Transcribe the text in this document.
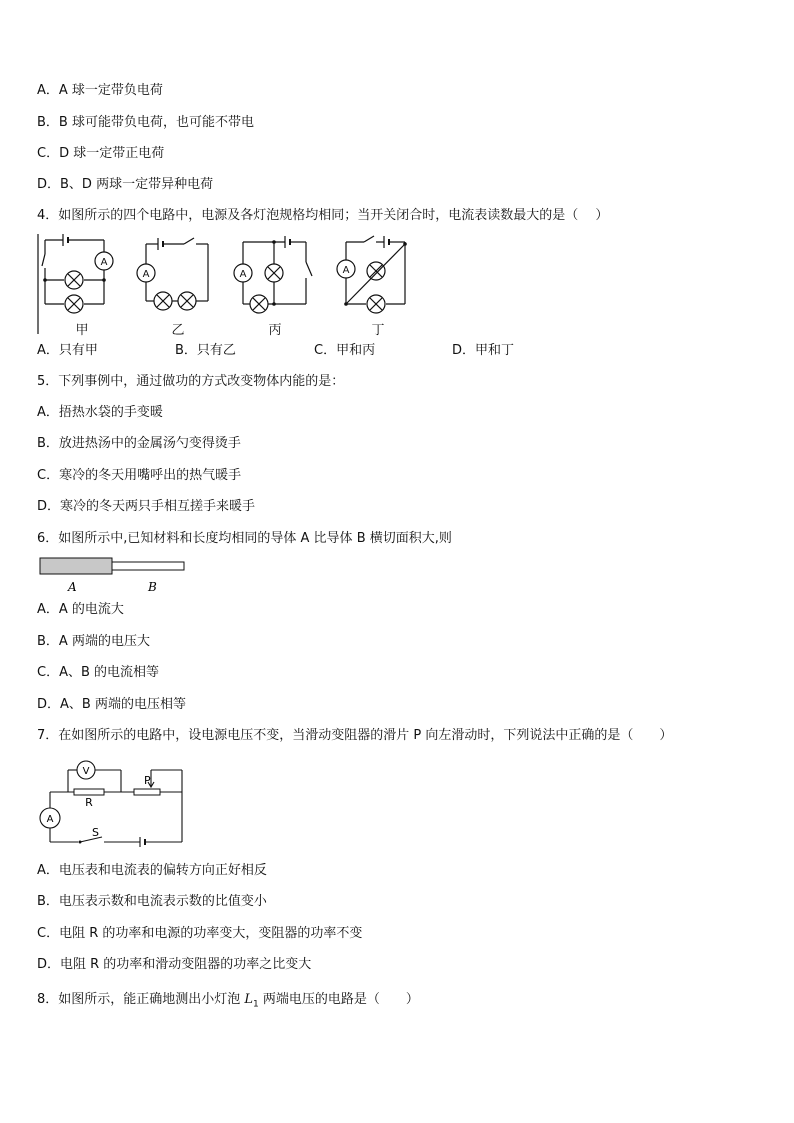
A．A 球一定带负电荷
B．B 球可能带负电荷，也可能不带电
C．D 球一定带正电荷
D．B、D 两球一定带异种电荷
4．如图所示的四个电路中，电源及各灯泡规格均相同；当开关闭合时，电流表读数最大的是（　 ）
A
A	A	A
甲	乙	丙	丁
A．只有甲	B．只有乙	C．甲和丙	D．甲和丁
5．下列事例中，通过做功的方式改变物体内能的是：
A．捂热水袋的手变暖
B．放进热汤中的金属汤勺变得烫手
C．寒冷的冬天用嘴呼出的热气暖手
D．寒冷的冬天两只手相互搓手来暖手
6．如图所示中,已知材料和长度均相同的导体 A 比导体 B 横切面积大,则
A	B
A．A 的电流大
B．A 两端的电压大
C．A、B 的电流相等
D．A、B 两端的电压相等
7．在如图所示的电路中，设电源电压不变，当滑动变阻器的滑片 P 向左滑动时，下列说法中正确的是（　　）
V
A
R
P
S
A．电压表和电流表的偏转方向正好相反
B．电压表示数和电流表示数的比值变小
C．电阻 R 的功率和电源的功率变大，变阻器的功率不变
D．电阻 R 的功率和滑动变阻器的功率之比变大
8．如图所示，能正确地测出小灯泡 $L_1$ 两端电压的电路是（　　）
